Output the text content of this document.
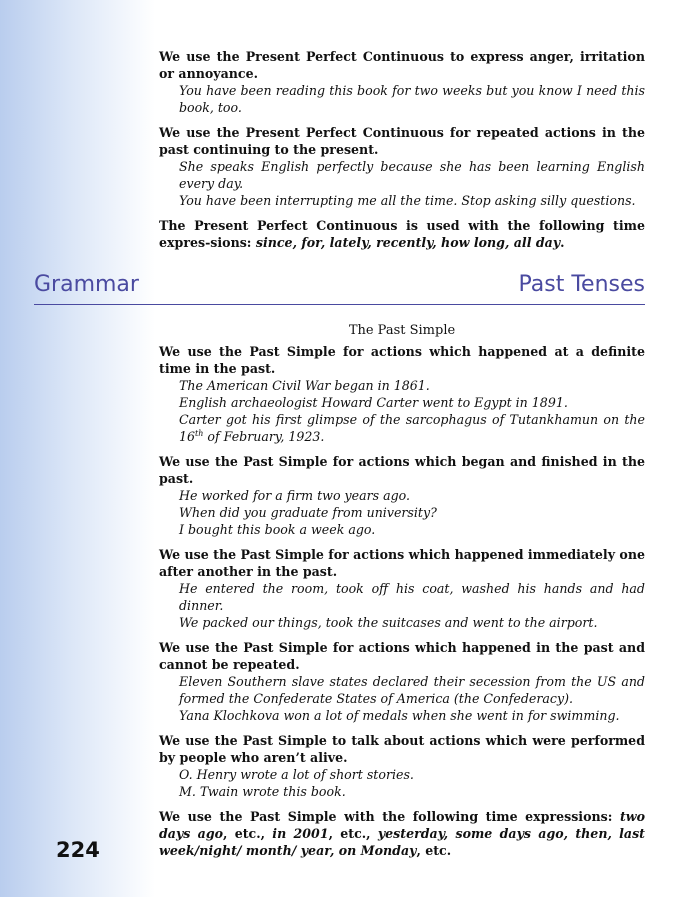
We use the Present Perfect Continuous to express anger, irritation or annoyance.

You have been reading this book for two weeks but you know I need this book, too.

We use the Present Perfect Continuous for repeated actions in the past continuing to the present.

She speaks English perfectly because she has been learning English every day.

You have been interrupting me all the time. Stop asking silly questions.

The Present Perfect Continuous is used with the following time expres-sions: since, for, lately, recently, how long, all day.

Grammar	Past Tenses

The Past Simple

We use the Past Simple for actions which happened at a definite time in the past.

The American Civil War began in 1861.

English archaeologist Howard Carter went to Egypt in 1891.

Carter got his first glimpse of the sarcophagus of Tutankhamun on the 16th of February, 1923.

We use the Past Simple for actions which began and finished in the past.

He worked for a firm two years ago.

When did you graduate from university?

I bought this book a week ago.

We use the Past Simple for actions which happened immediately one after another in the past.

He entered the room, took off his coat, washed his hands and had dinner.

We packed our things, took the suitcases and went to the airport.

We use the Past Simple for actions which happened in the past and cannot be repeated.

Eleven Southern slave states declared their secession from the US and formed the Confederate States of America (the Confederacy).

Yana Klochkova won a lot of medals when she went in for swimming.

We use the Past Simple to talk about actions which were performed by people who aren’t alive.

O. Henry wrote a lot of short stories.

M. Twain wrote this book.

We use the Past Simple with the following time expressions: two days ago, etc., in 2001, etc., yesterday, some days ago, then, last week/night/ month/ year, on Monday, etc.

224
